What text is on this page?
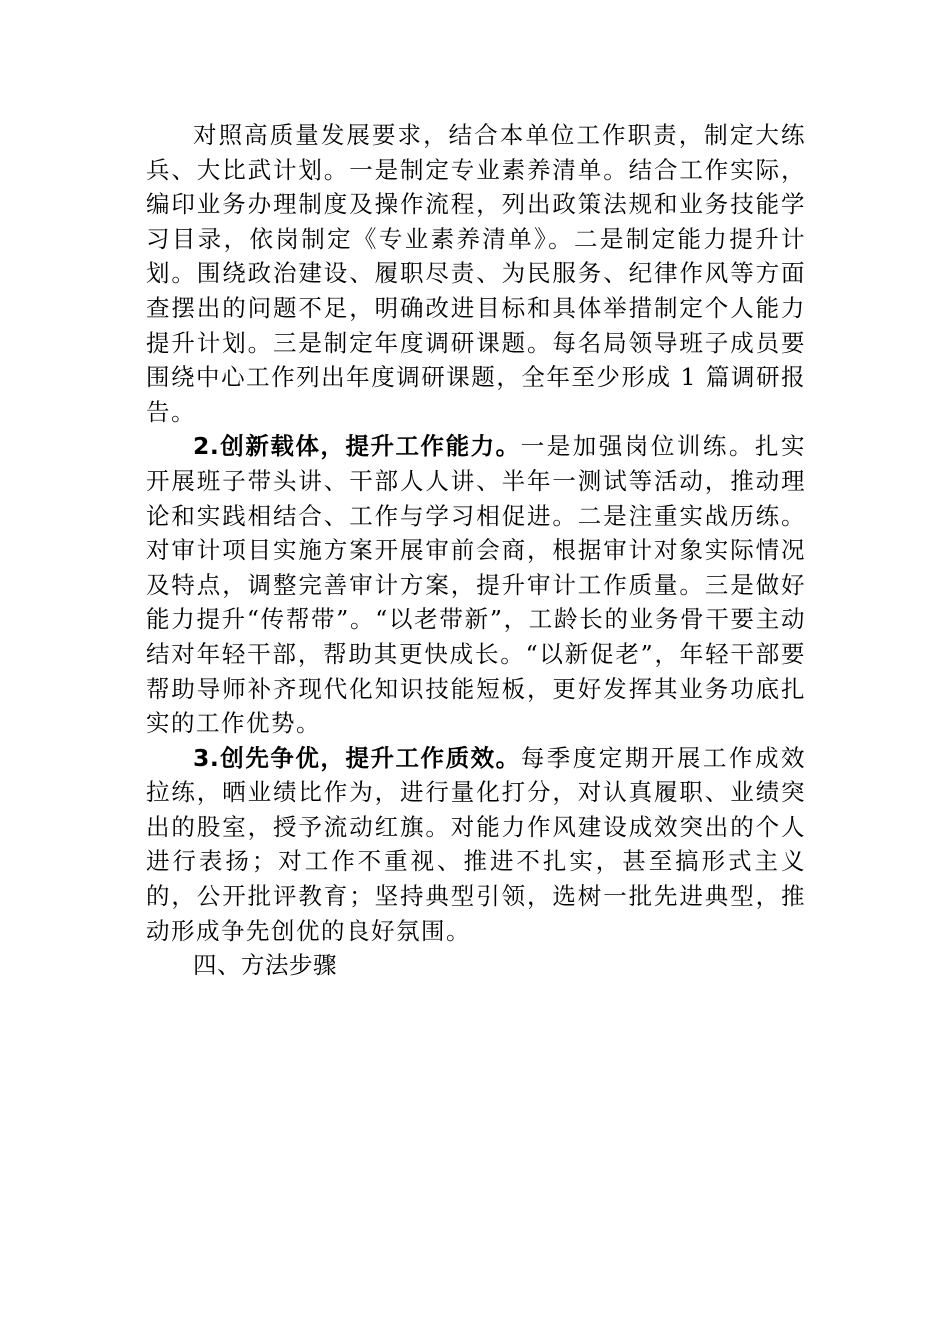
对照高质量发展要求，结合本单位工作职责，制定大练兵、大比武计划。一是制定专业素养清单。结合工作实际，编印业务办理制度及操作流程，列出政策法规和业务技能学习目录，依岗制定《专业素养清单》。二是制定能力提升计划。围绕政治建设、履职尽责、为民服务、纪律作风等方面查摆出的问题不足，明确改进目标和具体举措制定个人能力提升计划。三是制定年度调研课题。每名局领导班子成员要围绕中心工作列出年度调研课题，全年至少形成 1 篇调研报告。

2.创新载体，提升工作能力。一是加强岗位训练。扎实开展班子带头讲、干部人人讲、半年一测试等活动，推动理论和实践相结合、工作与学习相促进。二是注重实战历练。对审计项目实施方案开展审前会商，根据审计对象实际情况及特点，调整完善审计方案，提升审计工作质量。三是做好能力提升“传帮带”。“以老带新”，工龄长的业务骨干要主动结对年轻干部，帮助其更快成长。“以新促老”，年轻干部要帮助导师补齐现代化知识技能短板，更好发挥其业务功底扎实的工作优势。

3.创先争优，提升工作质效。每季度定期开展工作成效拉练，晒业绩比作为，进行量化打分，对认真履职、业绩突出的股室，授予流动红旗。对能力作风建设成效突出的个人进行表扬；对工作不重视、推进不扎实，甚至搞形式主义的，公开批评教育；坚持典型引领，选树一批先进典型，推动形成争先创优的良好氛围。

四、方法步骤
